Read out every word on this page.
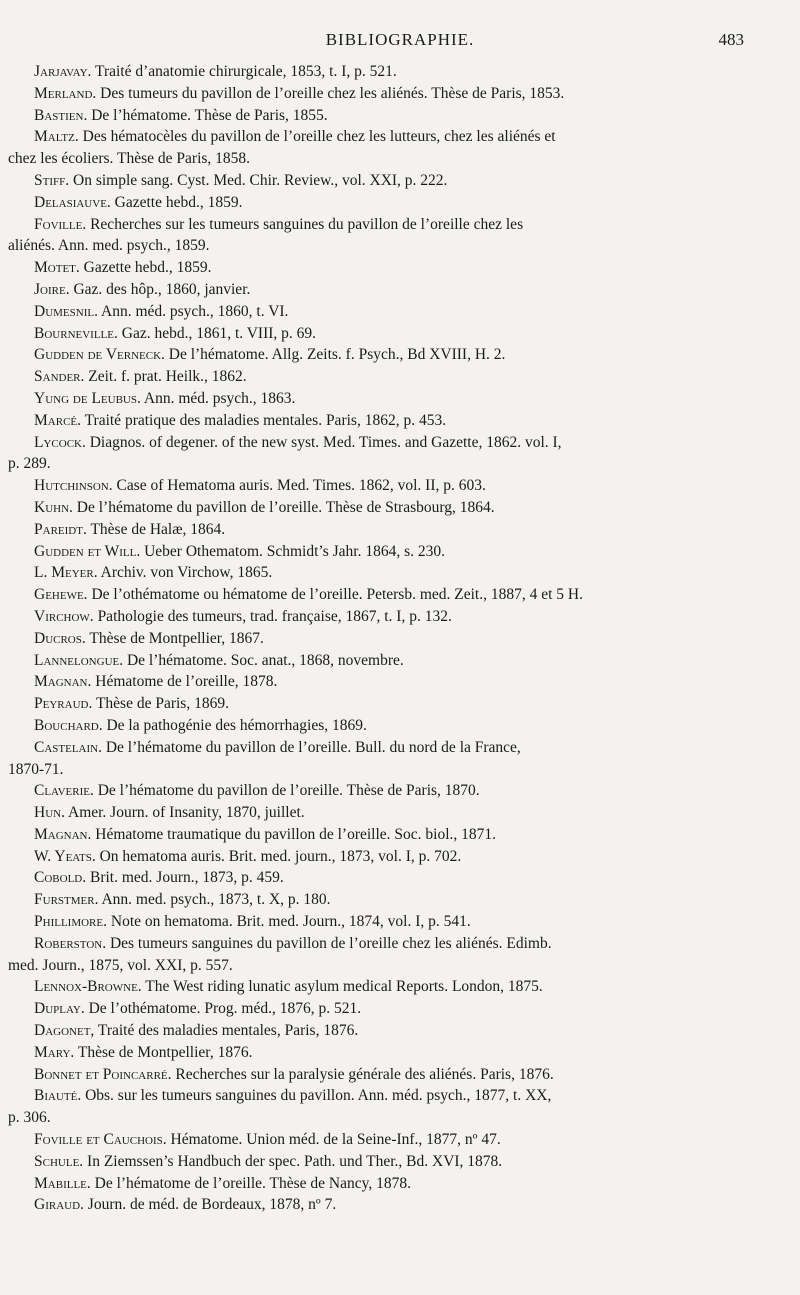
BIBLIOGRAPHIE.	483
Jarjavay. Traité d’anatomie chirurgicale, 1853, t. I, p. 521.
Merland. Des tumeurs du pavillon de l’oreille chez les aliénés. Thèse de Paris, 1853.
Bastien. De l’hématome. Thèse de Paris, 1855.
Maltz. Des hématocèles du pavillon de l’oreille chez les lutteurs, chez les aliénés et
chez les écoliers. Thèse de Paris, 1858.
Stiff. On simple sang. Cyst. Med. Chir. Review., vol. XXI, p. 222.
Delasiauve. Gazette hebd., 1859.
Foville. Recherches sur les tumeurs sanguines du pavillon de l’oreille chez les
aliénés. Ann. med. psych., 1859.
Motet. Gazette hebd., 1859.
Joire. Gaz. des hôp., 1860, janvier.
Dumesnil. Ann. méd. psych., 1860, t. VI.
Bourneville. Gaz. hebd., 1861, t. VIII, p. 69.
Gudden de Verneck. De l’hématome. Allg. Zeits. f. Psych., Bd XVIII, H. 2.
Sander. Zeit. f. prat. Heilk., 1862.
Yung de Leubus. Ann. méd. psych., 1863.
Marcé. Traité pratique des maladies mentales. Paris, 1862, p. 453.
Lycock. Diagnos. of degener. of the new syst. Med. Times. and Gazette, 1862. vol. I,
p. 289.
Hutchinson. Case of Hematoma auris. Med. Times. 1862, vol. II, p. 603.
Kuhn. De l’hématome du pavillon de l’oreille. Thèse de Strasbourg, 1864.
Pareidt. Thèse de Halæ, 1864.
Gudden et Will. Ueber Othematom. Schmidt’s Jahr. 1864, s. 230.
L. Meyer. Archiv. von Virchow, 1865.
Gehewe. De l’othématome ou hématome de l’oreille. Petersb. med. Zeit., 1887, 4 et 5 H.
Virchow. Pathologie des tumeurs, trad. française, 1867, t. I, p. 132.
Ducros. Thèse de Montpellier, 1867.
Lannelongue. De l’hématome. Soc. anat., 1868, novembre.
Magnan. Hématome de l’oreille, 1878.
Peyraud. Thèse de Paris, 1869.
Bouchard. De la pathogénie des hémorrhagies, 1869.
Castelain. De l’hématome du pavillon de l’oreille. Bull. du nord de la France,
1870-71.
Claverie. De l’hématome du pavillon de l’oreille. Thèse de Paris, 1870.
Hun. Amer. Journ. of Insanity, 1870, juillet.
Magnan. Hématome traumatique du pavillon de l’oreille. Soc. biol., 1871.
W. Yeats. On hematoma auris. Brit. med. journ., 1873, vol. I, p. 702.
Cobold. Brit. med. Journ., 1873, p. 459.
Furstmer. Ann. med. psych., 1873, t. X, p. 180.
Phillimore. Note on hematoma. Brit. med. Journ., 1874, vol. I, p. 541.
Roberston. Des tumeurs sanguines du pavillon de l’oreille chez les aliénés. Edimb.
med. Journ., 1875, vol. XXI, p. 557.
Lennox-Browne. The West riding lunatic asylum medical Reports. London, 1875.
Duplay. De l’othématome. Prog. méd., 1876, p. 521.
Dagonet, Traité des maladies mentales, Paris, 1876.
Mary. Thèse de Montpellier, 1876.
Bonnet et Poincarré. Recherches sur la paralysie générale des aliénés. Paris, 1876.
Biauté. Obs. sur les tumeurs sanguines du pavillon. Ann. méd. psych., 1877, t. XX,
p. 306.
Foville et Cauchois. Hématome. Union méd. de la Seine-Inf., 1877, nº 47.
Schule. In Ziemssen’s Handbuch der spec. Path. und Ther., Bd. XVI, 1878.
Mabille. De l’hématome de l’oreille. Thèse de Nancy, 1878.
Giraud. Journ. de méd. de Bordeaux, 1878, nº 7.
